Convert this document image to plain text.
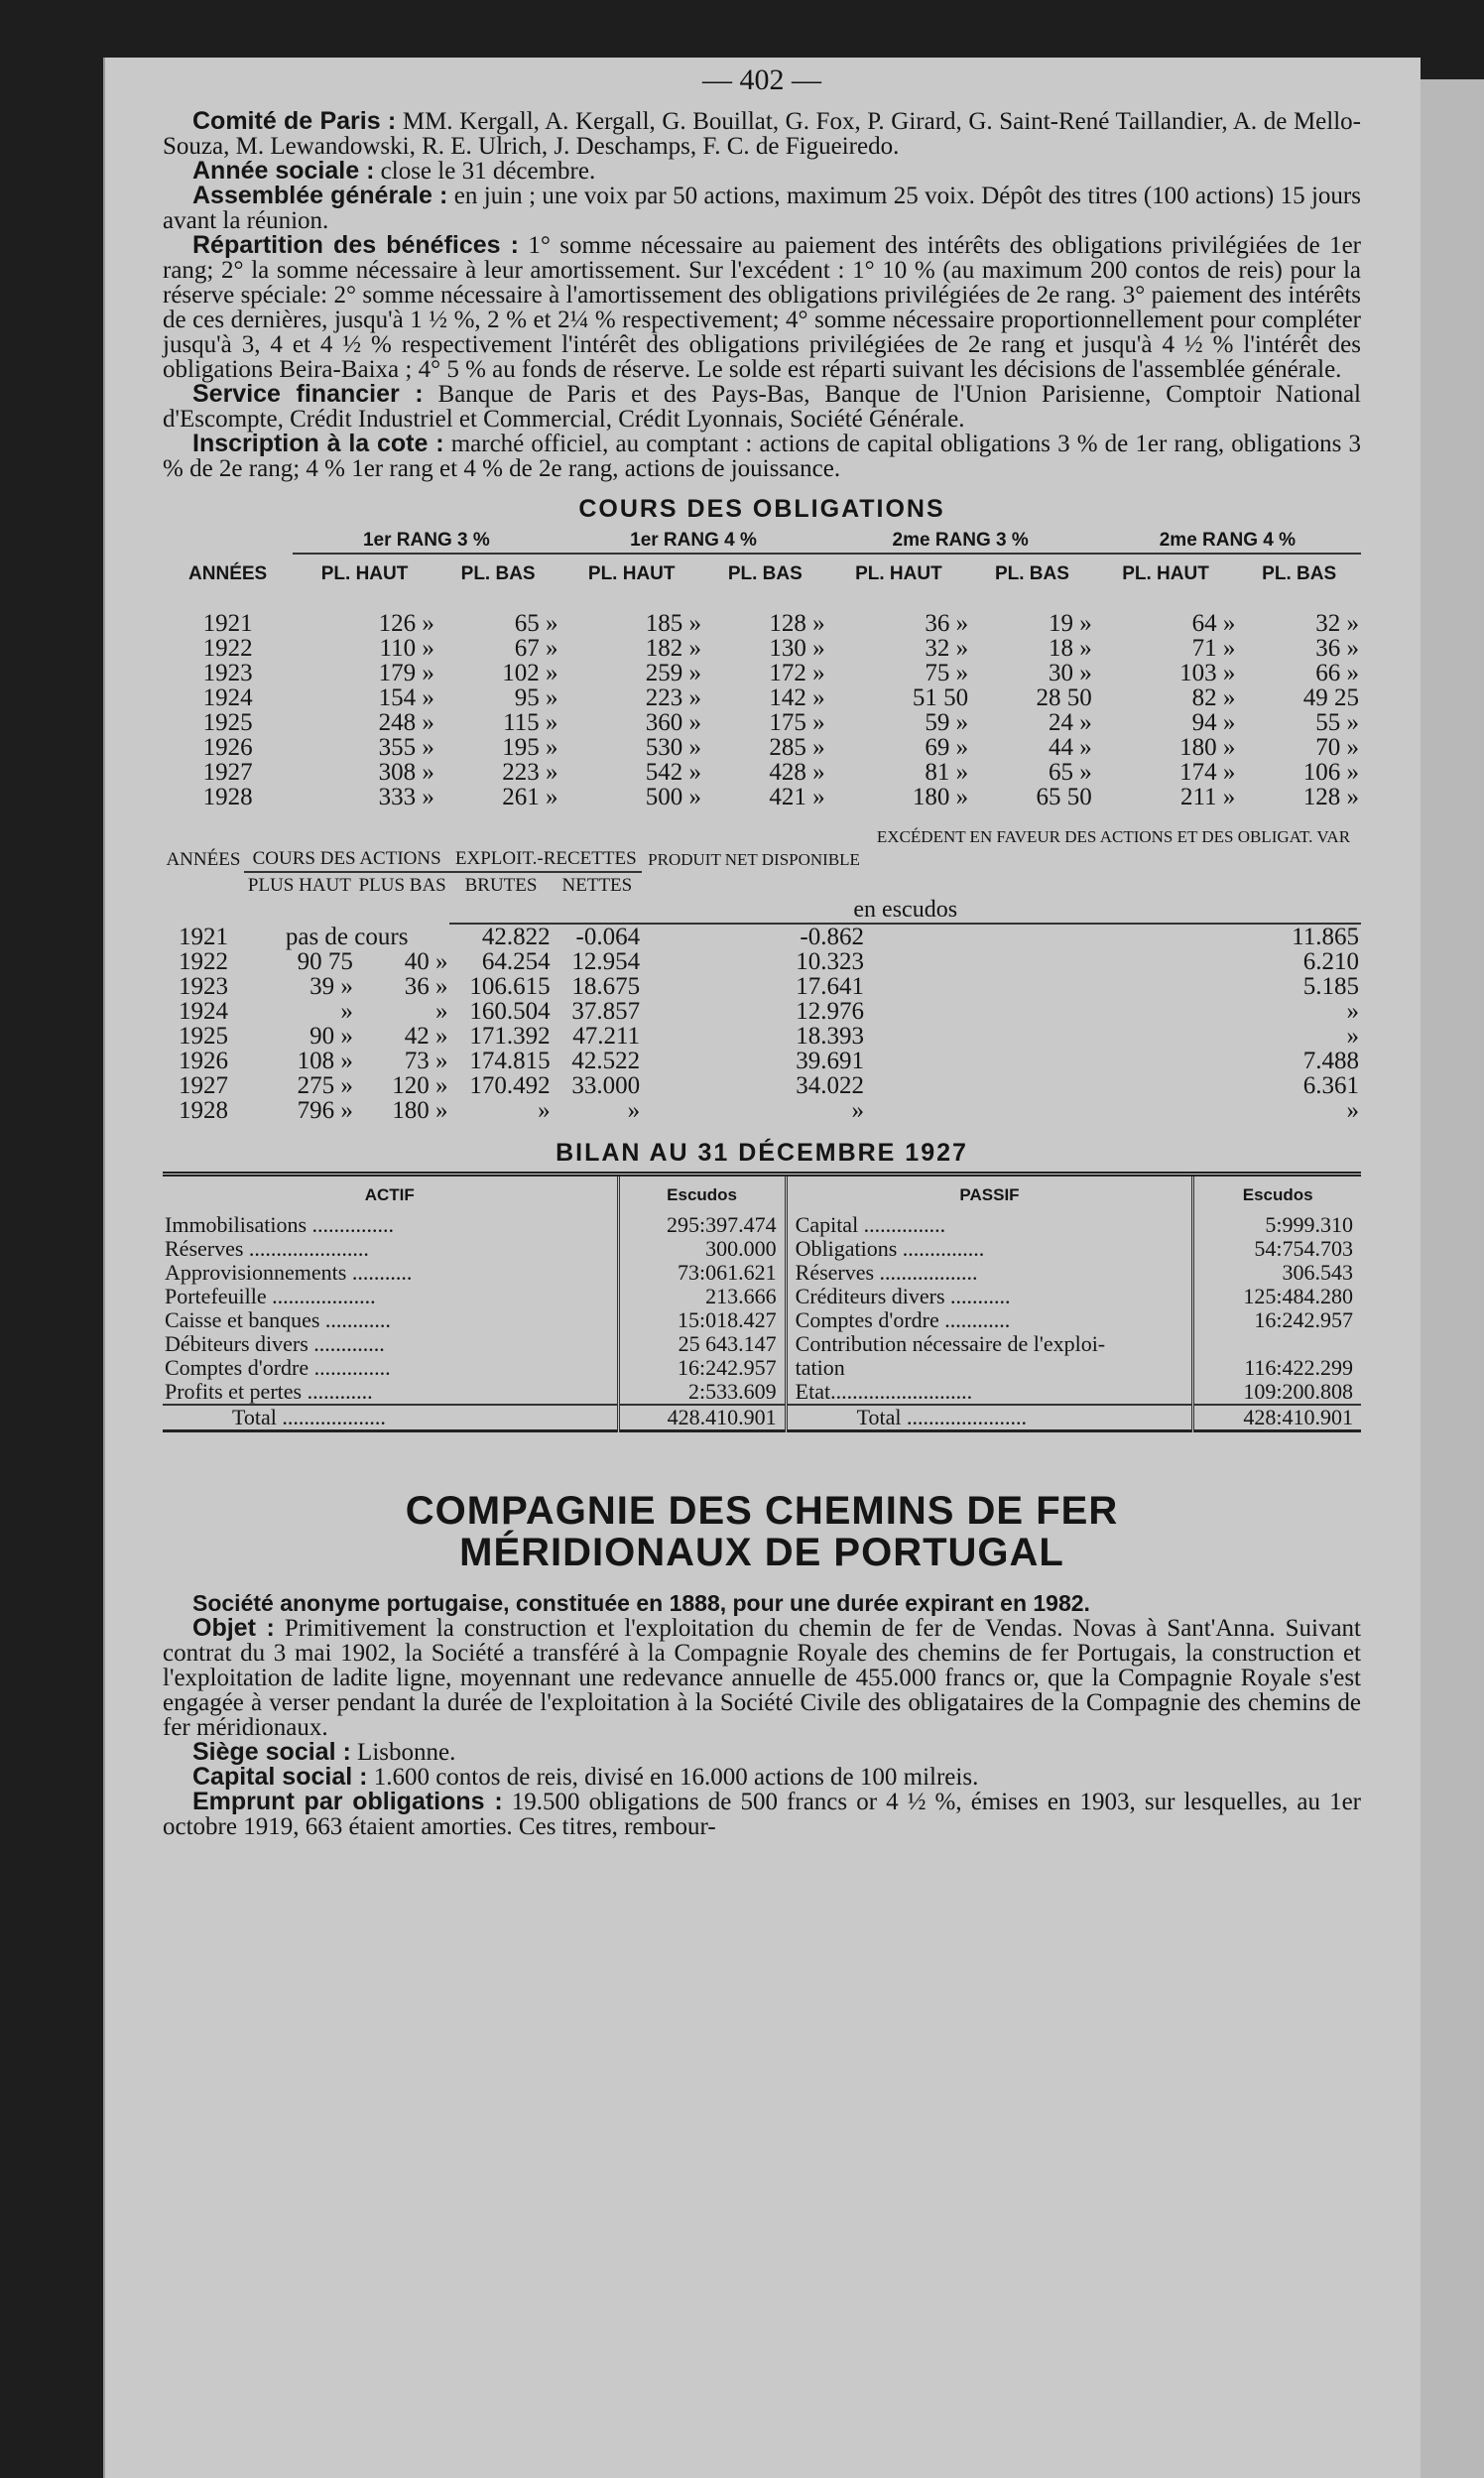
— 402 —

Comité de Paris : MM. Kergall, A. Kergall, G. Bouillat, G. Fox, P. Girard, G. Saint-René Taillandier, A. de Mello-Souza, M. Lewandowski, R. E. Ulrich, J. Deschamps, F. C. de Figueiredo.

Année sociale : close le 31 décembre.

Assemblée générale : en juin ; une voix par 50 actions, maximum 25 voix. Dépôt des titres (100 actions) 15 jours avant la réunion.

Répartition des bénéfices : 1° somme nécessaire au paiement des intérêts des obligations privilégiées de 1er rang; 2° la somme nécessaire à leur amortissement. Sur l'excédent : 1° 10 % (au maximum 200 contos de reis) pour la réserve spéciale: 2° somme nécessaire à l'amortissement des obligations privilégiées de 2e rang. 3° paiement des intérêts de ces dernières, jusqu'à 1 ½ %, 2 % et 2¼ % respectivement; 4° somme nécessaire proportionnellement pour compléter jusqu'à 3, 4 et 4 ½ % respectivement l'intérêt des obligations privilégiées de 2e rang et jusqu'à 4 ½ % l'intérêt des obligations Beira-Baixa ; 4° 5 % au fonds de réserve. Le solde est réparti suivant les décisions de l'assemblée générale.

Service financier : Banque de Paris et des Pays-Bas, Banque de l'Union Parisienne, Comptoir National d'Escompte, Crédit Industriel et Commercial, Crédit Lyonnais, Société Générale.

Inscription à la cote : marché officiel, au comptant : actions de capital obligations 3 % de 1er rang, obligations 3 % de 2e rang; 4 % 1er rang et 4 % de 2e rang, actions de jouissance.

COURS DES OBLIGATIONS
	1er RANG 3 %		1er RANG 4 %		2me RANG 3 %		2me RANG 4 %	
ANNÉES	PL. HAUT	PL. BAS	PL. HAUT	PL. BAS	PL. HAUT	PL. BAS	PL. HAUT	PL. BAS

1921	126 »	65 »	185 »	128 »	36 »	19 »	64 »	32 »
1922	110 »	67 »	182 »	130 »	32 »	18 »	71 »	36 »
1923	179 »	102 »	259 »	172 »	75 »	30 »	103 »	66 »
1924	154 »	95 »	223 »	142 »	51 50	28 50	82 »	49 25
1925	248 »	115 »	360 »	175 »	59 »	24 »	94 »	55 »
1926	355 »	195 »	530 »	285 »	69 »	44 »	180 »	70 »
1927	308 »	223 »	542 »	428 »	81 »	65 »	174 »	106 »
1928	333 »	261 »	500 »	421 »	180 »	65 50	211 »	128 »
						EXCÉDENT EN FAVEUR DES ACTIONS ET DES OBLIGAT. VAR
ANNÉES	COURS DES ACTIONS		EXPLOIT.-RECETTES		PRODUIT NET DISPONIBLE	
	PLUS HAUT	PLUS BAS	BRUTES	NETTES		
			en escudos			
1921	pas de cours		42.822	-0.064	-0.862	11.865
1922	90 75	40 »	64.254	12.954	10.323	6.210
1923	39 »	36 »	106.615	18.675	17.641	5.185
1924	»	»	160.504	37.857	12.976	»
1925	90 »	42 »	171.392	47.211	18.393	»
1926	108 »	73 »	174.815	42.522	39.691	7.488
1927	275 »	120 »	170.492	33.000	34.022	6.361
1928	796 »	180 »	»	»	»	»
BILAN AU 31 DÉCEMBRE 1927
ACTIF	Escudos	PASSIF	Escudos
Immobilisations ...............	295:397.474	Capital ...............	5:999.310
Réserves ......................	300.000	Obligations ...............	54:754.703
Approvisionnements ...........	73:061.621	Réserves ..................	306.543
Portefeuille ...................	213.666	Créditeurs divers ...........	125:484.280
Caisse et banques ............	15:018.427	Comptes d'ordre ............	16:242.957
Débiteurs divers .............	25 643.147	Contribution nécessaire de l'exploi-	
Comptes d'ordre ..............	16:242.957	tation	116:422.299
Profits et pertes ............	2:533.609	Etat..........................	109:200.808
Total ...................	428.410.901	Total ......................	428:410.901
COMPAGNIE DES CHEMINS DE FER
MÉRIDIONAUX DE PORTUGAL

Société anonyme portugaise, constituée en 1888, pour une durée expirant en 1982.

Objet : Primitivement la construction et l'exploitation du chemin de fer de Vendas. Novas à Sant'Anna. Suivant contrat du 3 mai 1902, la Société a transféré à la Compagnie Royale des chemins de fer Portugais, la construction et l'exploitation de ladite ligne, moyennant une redevance annuelle de 455.000 francs or, que la Compagnie Royale s'est engagée à verser pendant la durée de l'exploitation à la Société Civile des obligataires de la Compagnie des chemins de fer méridionaux.

Siège social : Lisbonne.

Capital social : 1.600 contos de reis, divisé en 16.000 actions de 100 milreis.

Emprunt par obligations : 19.500 obligations de 500 francs or 4 ½ %, émises en 1903, sur lesquelles, au 1er octobre 1919, 663 étaient amorties. Ces titres, rembour-
